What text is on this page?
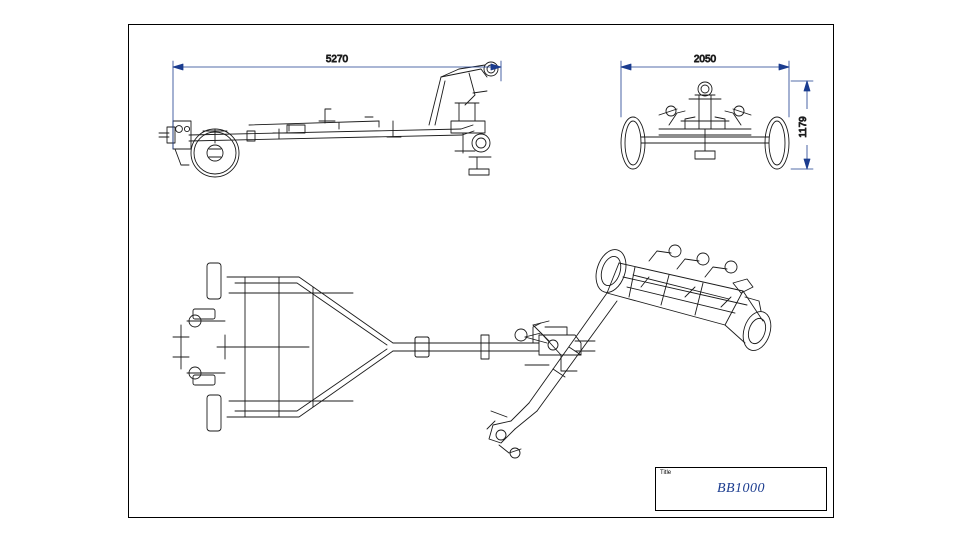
5270	2050
1179
Title
BB1000
